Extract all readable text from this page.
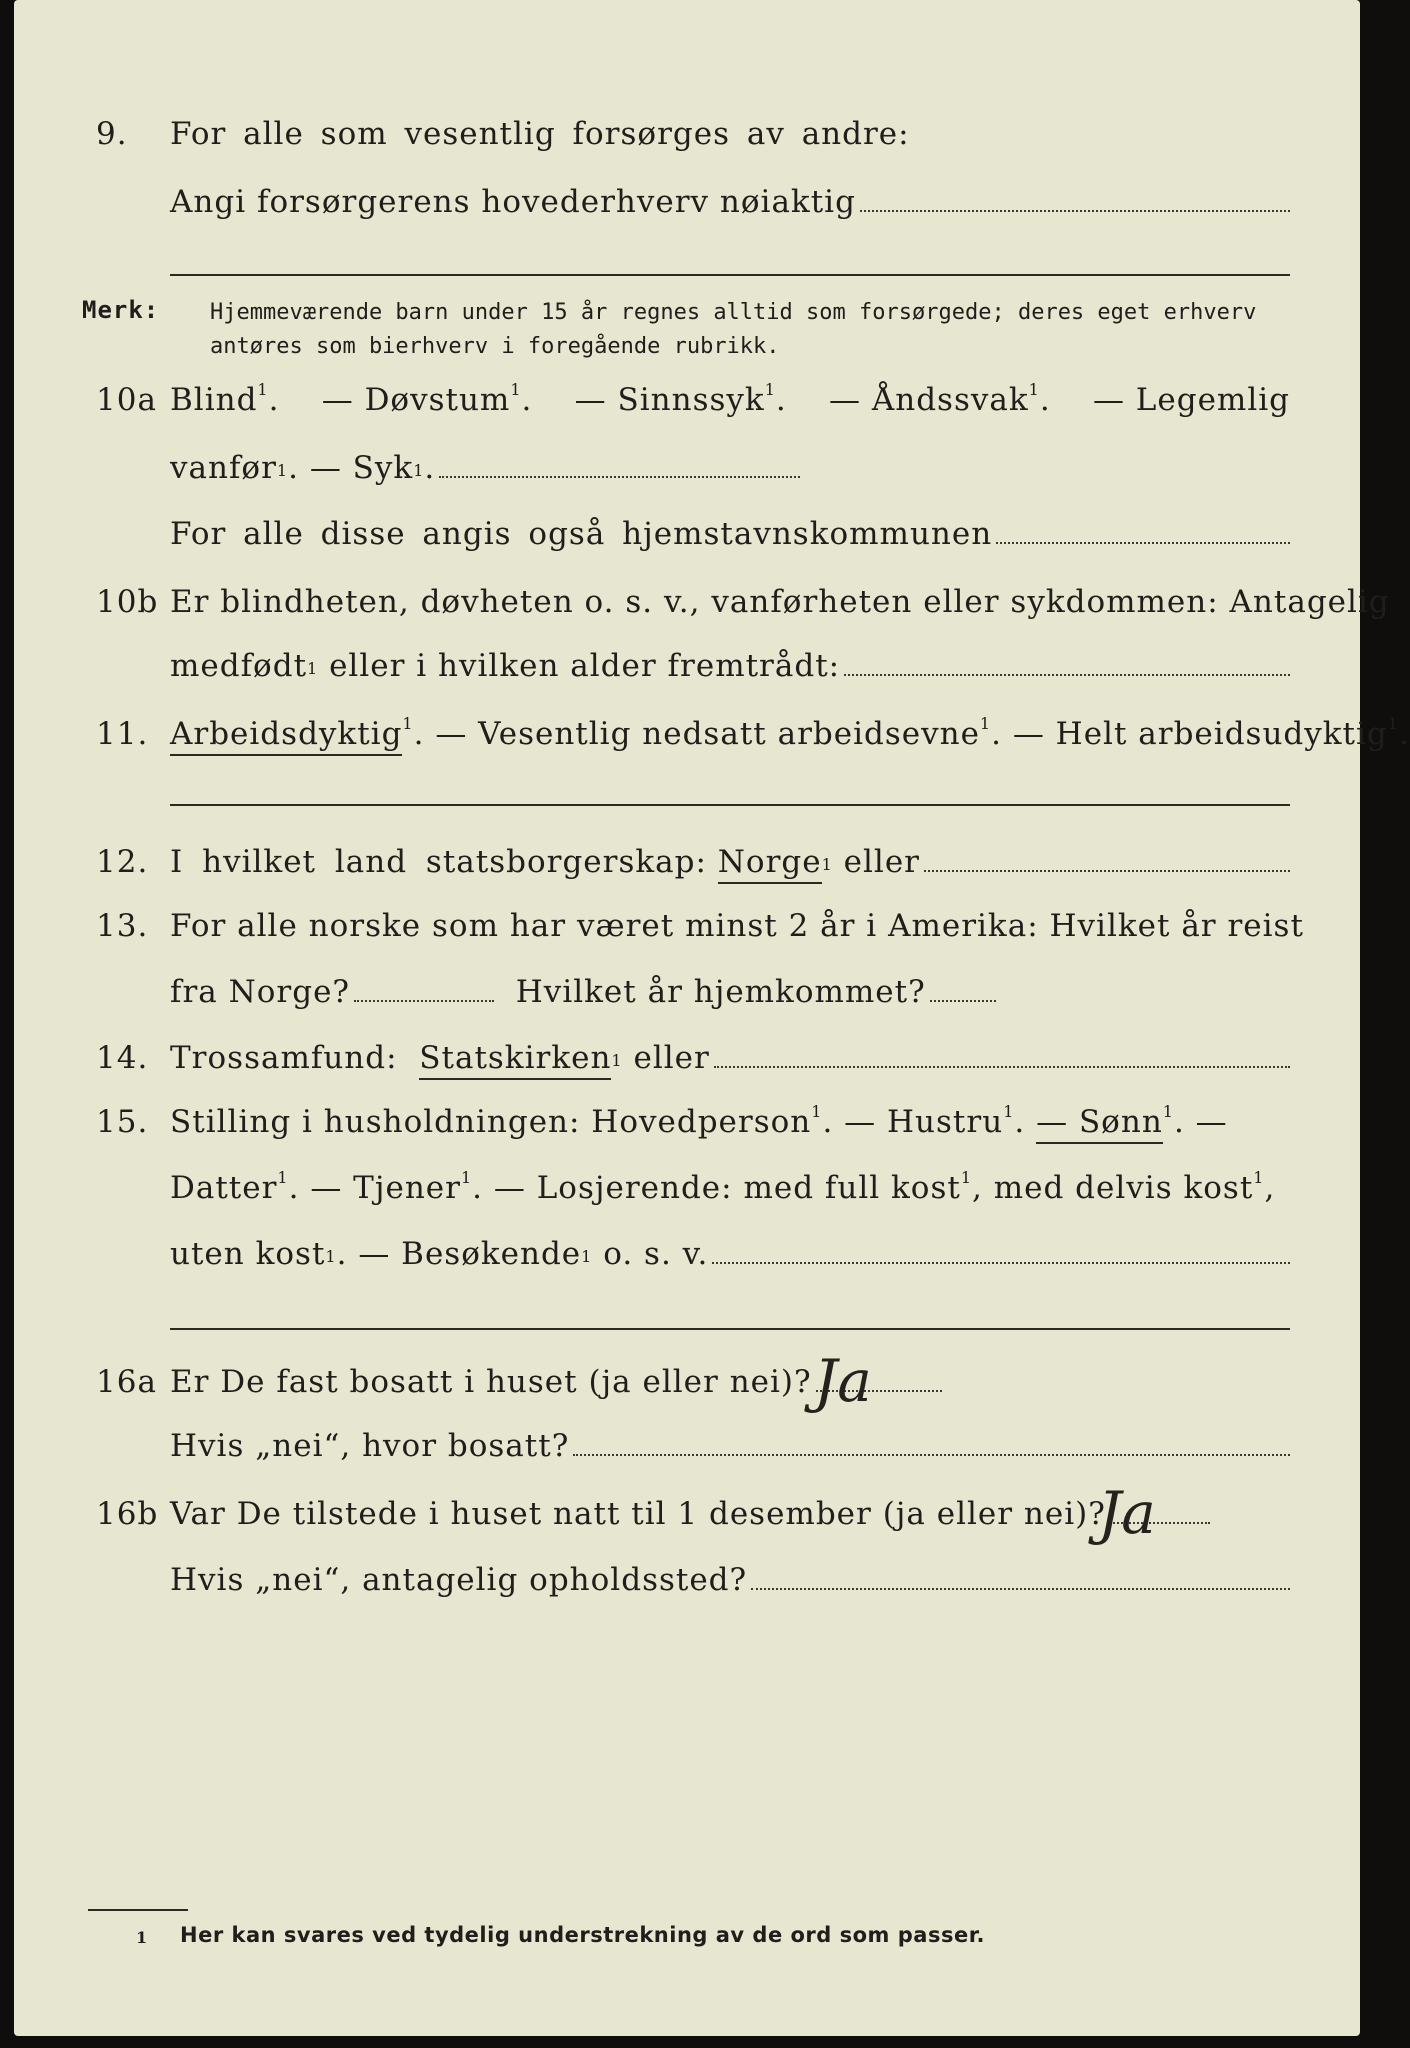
9. For alle som vesentlig forsørges av andre:
Angi forsørgerens hovederhverv nøiaktig
Merk: Hjemmeværende barn under 15 år regnes alltid som forsørgede; deres eget erhverv
antøres som bierhverv i foregående rubrikk.
10a Blind$^1$. — Døvstum$^1$. — Sinnssyk$^1$. — Åndssvak$^1$. — Legemlig
vanfør$^1$ . — Syk$^1$ .
For alle disse angis også hjemstavnskommunen
10b Er blindheten, døvheten o. s. v., vanførheten eller sykdommen: Antagelig
medfødt$^1$
eller i hvilken alder fremtrådt:
11. Arbeidsdyktig$^1$. — Vesentlig nedsatt arbeidsevne$^1$. — Helt arbeidsudyktig$^1$.
12. I hvilket land statsborgerskap:
Norge$^1$
eller
13. For alle norske som har været minst 2 år i Amerika: Hvilket år reist
fra Norge?
	Hvilket år hjemkommet?
14. Trossamfund:
Statskirken$^1$
eller
15. Stilling i husholdningen: Hovedperson$^1$. — Hustru$^1$. — Sønn$^1$. —
Datter$^1$. — Tjener$^1$. — Losjerende: med full kost$^1$, med delvis kost$^1$,
uten kost$^1$ . — Besøkende$^1$
o. s. v.
16a Er De fast bosatt i huset (ja eller nei)? Ja
Hvis „nei“, hvor bosatt?
16b Var De tilstede i huset natt til 1 desember (ja eller nei)?
Ja
Hvis „nei“, antagelig opholdssted?
1 Her kan svares ved tydelig understrekning av de ord som passer.
